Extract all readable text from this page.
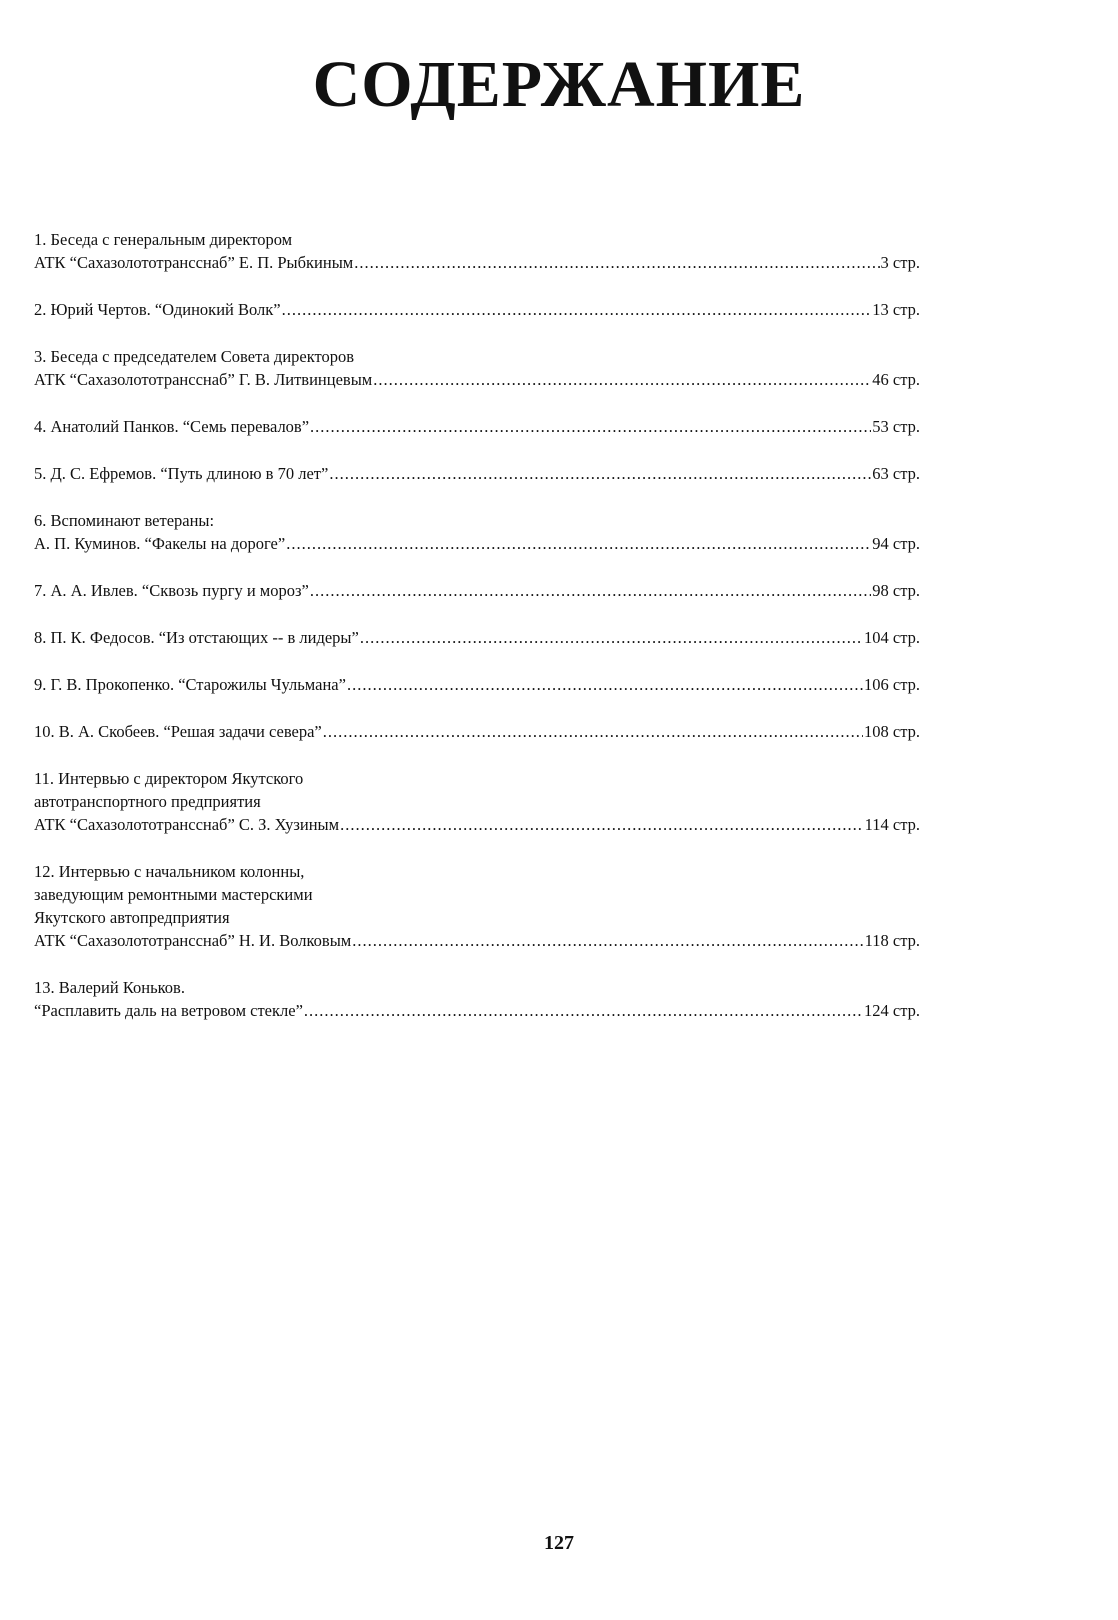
СОДЕРЖАНИЕ
1. Беседа с генеральным директором
АТК “Сахазолототрансснаб” Е. П. Рыбкиным .....	3 стр.
2. Юрий Чертов. “Одинокий Волк” .....	13 стр.
3. Беседа с председателем Совета директоров
АТК “Сахазолототрансснаб” Г. В. Литвинцевым .....	46 стр.
4. Анатолий Панков. “Семь перевалов” .....	53 стр.
5. Д. С. Ефремов. “Путь длиною в 70 лет” .....	63 стр.
6. Вспоминают ветераны:
А. П. Куминов. “Факелы на дороге” .....	94 стр.
7. А. А. Ивлев. “Сквозь пургу и мороз” .....	98 стр.
8. П. К. Федосов. “Из отстающих -- в лидеры” .....	104 стр.
9. Г. В. Прокопенко. “Старожилы Чульмана” .....	106 стр.
10. В. А. Скобеев. “Решая задачи севера” .....	108 стр.
11. Интервью с директором Якутского
автотранспортного предприятия
АТК “Сахазолототрансснаб” С. З. Хузиным .....	114 стр.
12. Интервью с начальником колонны,
заведующим ремонтными мастерскими
Якутского автопредприятия
АТК “Сахазолототрансснаб” Н. И. Волковым .....	118 стр.
13. Валерий Коньков.
“Расплавить даль на ветровом стекле” .....	124 стр.
127
